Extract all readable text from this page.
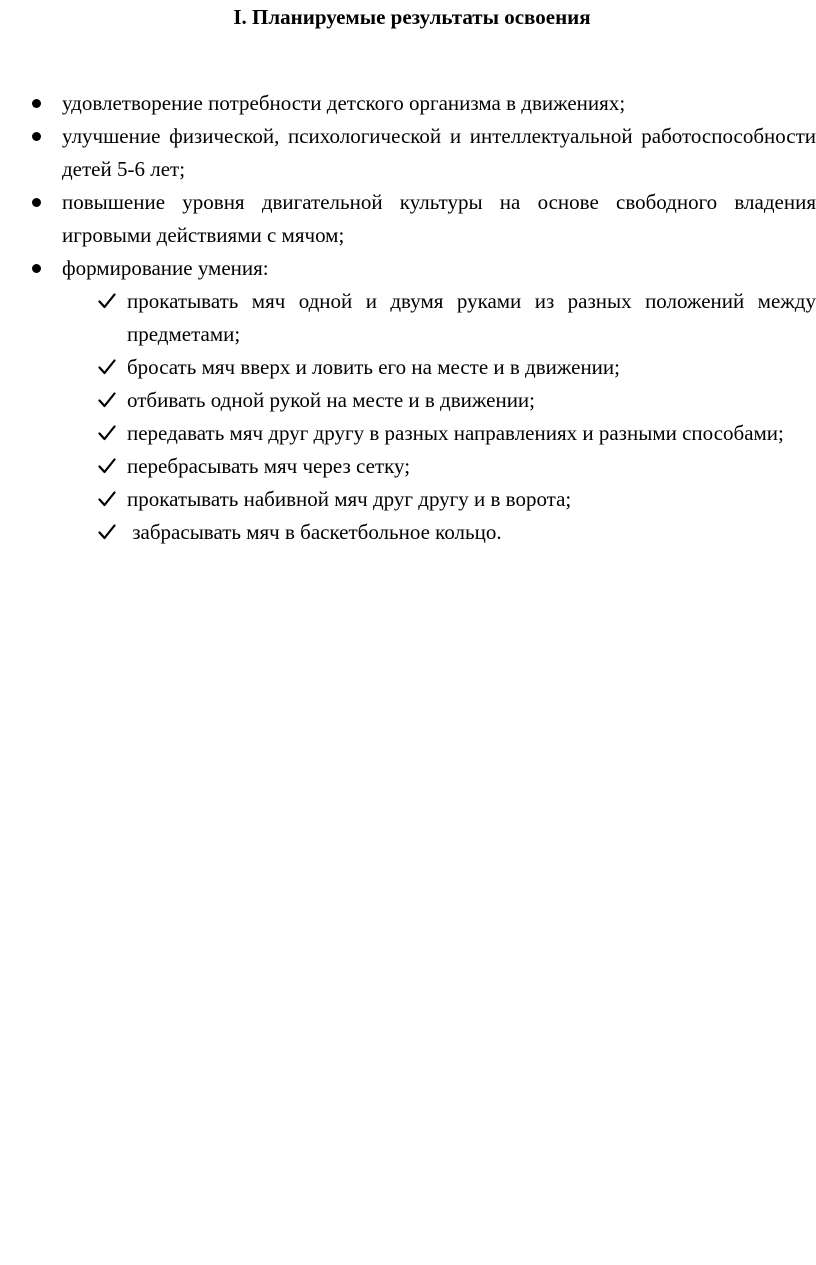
I. Планируемые результаты освоения
удовлетворение потребности детского организма в движениях;
улучшение физической, психологической и интеллектуальной работоспособности детей 5-6 лет;
повышение уровня двигательной культуры на основе свободного владения игровыми действиями с мячом;
формирование умения:
прокатывать мяч одной и двумя руками из разных положений между предметами;
бросать мяч вверх и ловить его на месте и в движении;
отбивать одной рукой на месте и в движении;
передавать мяч друг другу в разных направлениях и разными способами;
перебрасывать мяч через сетку;
прокатывать набивной мяч друг другу и в ворота;
забрасывать мяч в баскетбольное кольцо.
